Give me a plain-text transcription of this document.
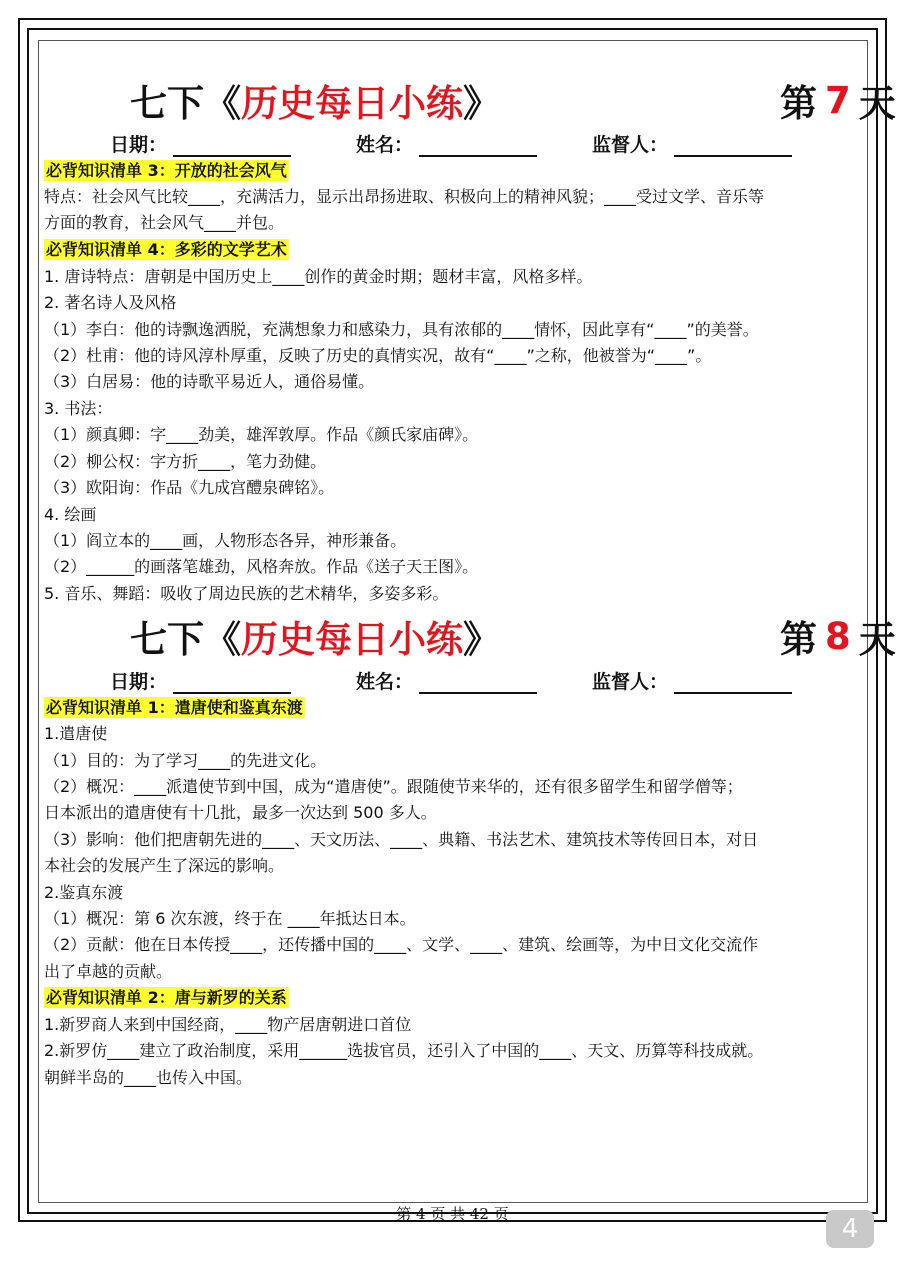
七下《 历史每日小练 》	第 7 天
日期：	姓名：	监督人：
必背知识清单 3：开放的社会风气
特点：社会风气比较____，充满活力，显示出昂扬进取、积极向上的精神风貌；____受过文学、音乐等
方面的教育，社会风气____并包。
必背知识清单 4：多彩的文学艺术
1. 唐诗特点：唐朝是中国历史上____创作的黄金时期；题材丰富，风格多样。
2. 著名诗人及风格
（1）李白：他的诗飘逸洒脱，充满想象力和感染力，具有浓郁的____情怀，因此享有“____”的美誉。
（2）杜甫：他的诗风淳朴厚重，反映了历史的真情实况，故有“____”之称，他被誉为“____”。
（3）白居易：他的诗歌平易近人，通俗易懂。
3. 书法：
（1）颜真卿：字____劲美，雄浑敦厚。作品《颜氏家庙碑》。
（2）柳公权：字方折____，笔力劲健。
（3）欧阳询：作品《九成宫醴泉碑铭》。
4. 绘画
（1）阎立本的____画，人物形态各异，神形兼备。
（2）______的画落笔雄劲，风格奔放。作品《送子天王图》。
5. 音乐、舞蹈：吸收了周边民族的艺术精华，多姿多彩。
七下《 历史每日小练 》	第 8 天
日期：	姓名：	监督人：
必背知识清单 1：遣唐使和鉴真东渡
1.遣唐使
（1）目的：为了学习____的先进文化。
（2）概况：____派遣使节到中国，成为“遣唐使”。跟随使节来华的，还有很多留学生和留学僧等；
日本派出的遣唐使有十几批，最多一次达到 500 多人。
（3）影响：他们把唐朝先进的____、天文历法、____、典籍、书法艺术、建筑技术等传回日本，对日
本社会的发展产生了深远的影响。
2.鉴真东渡
（1）概况：第 6 次东渡，终于在 ____年抵达日本。
（2）贡献：他在日本传授____，还传播中国的____、文学、____、建筑、绘画等，为中日文化交流作
出了卓越的贡献。
必背知识清单 2：唐与新罗的关系
1.新罗商人来到中国经商，____物产居唐朝进口首位
2.新罗仿____建立了政治制度，采用______选拔官员，还引入了中国的____、天文、历算等科技成就。
朝鲜半岛的____也传入中国。
第 4 页 共 42 页	4
